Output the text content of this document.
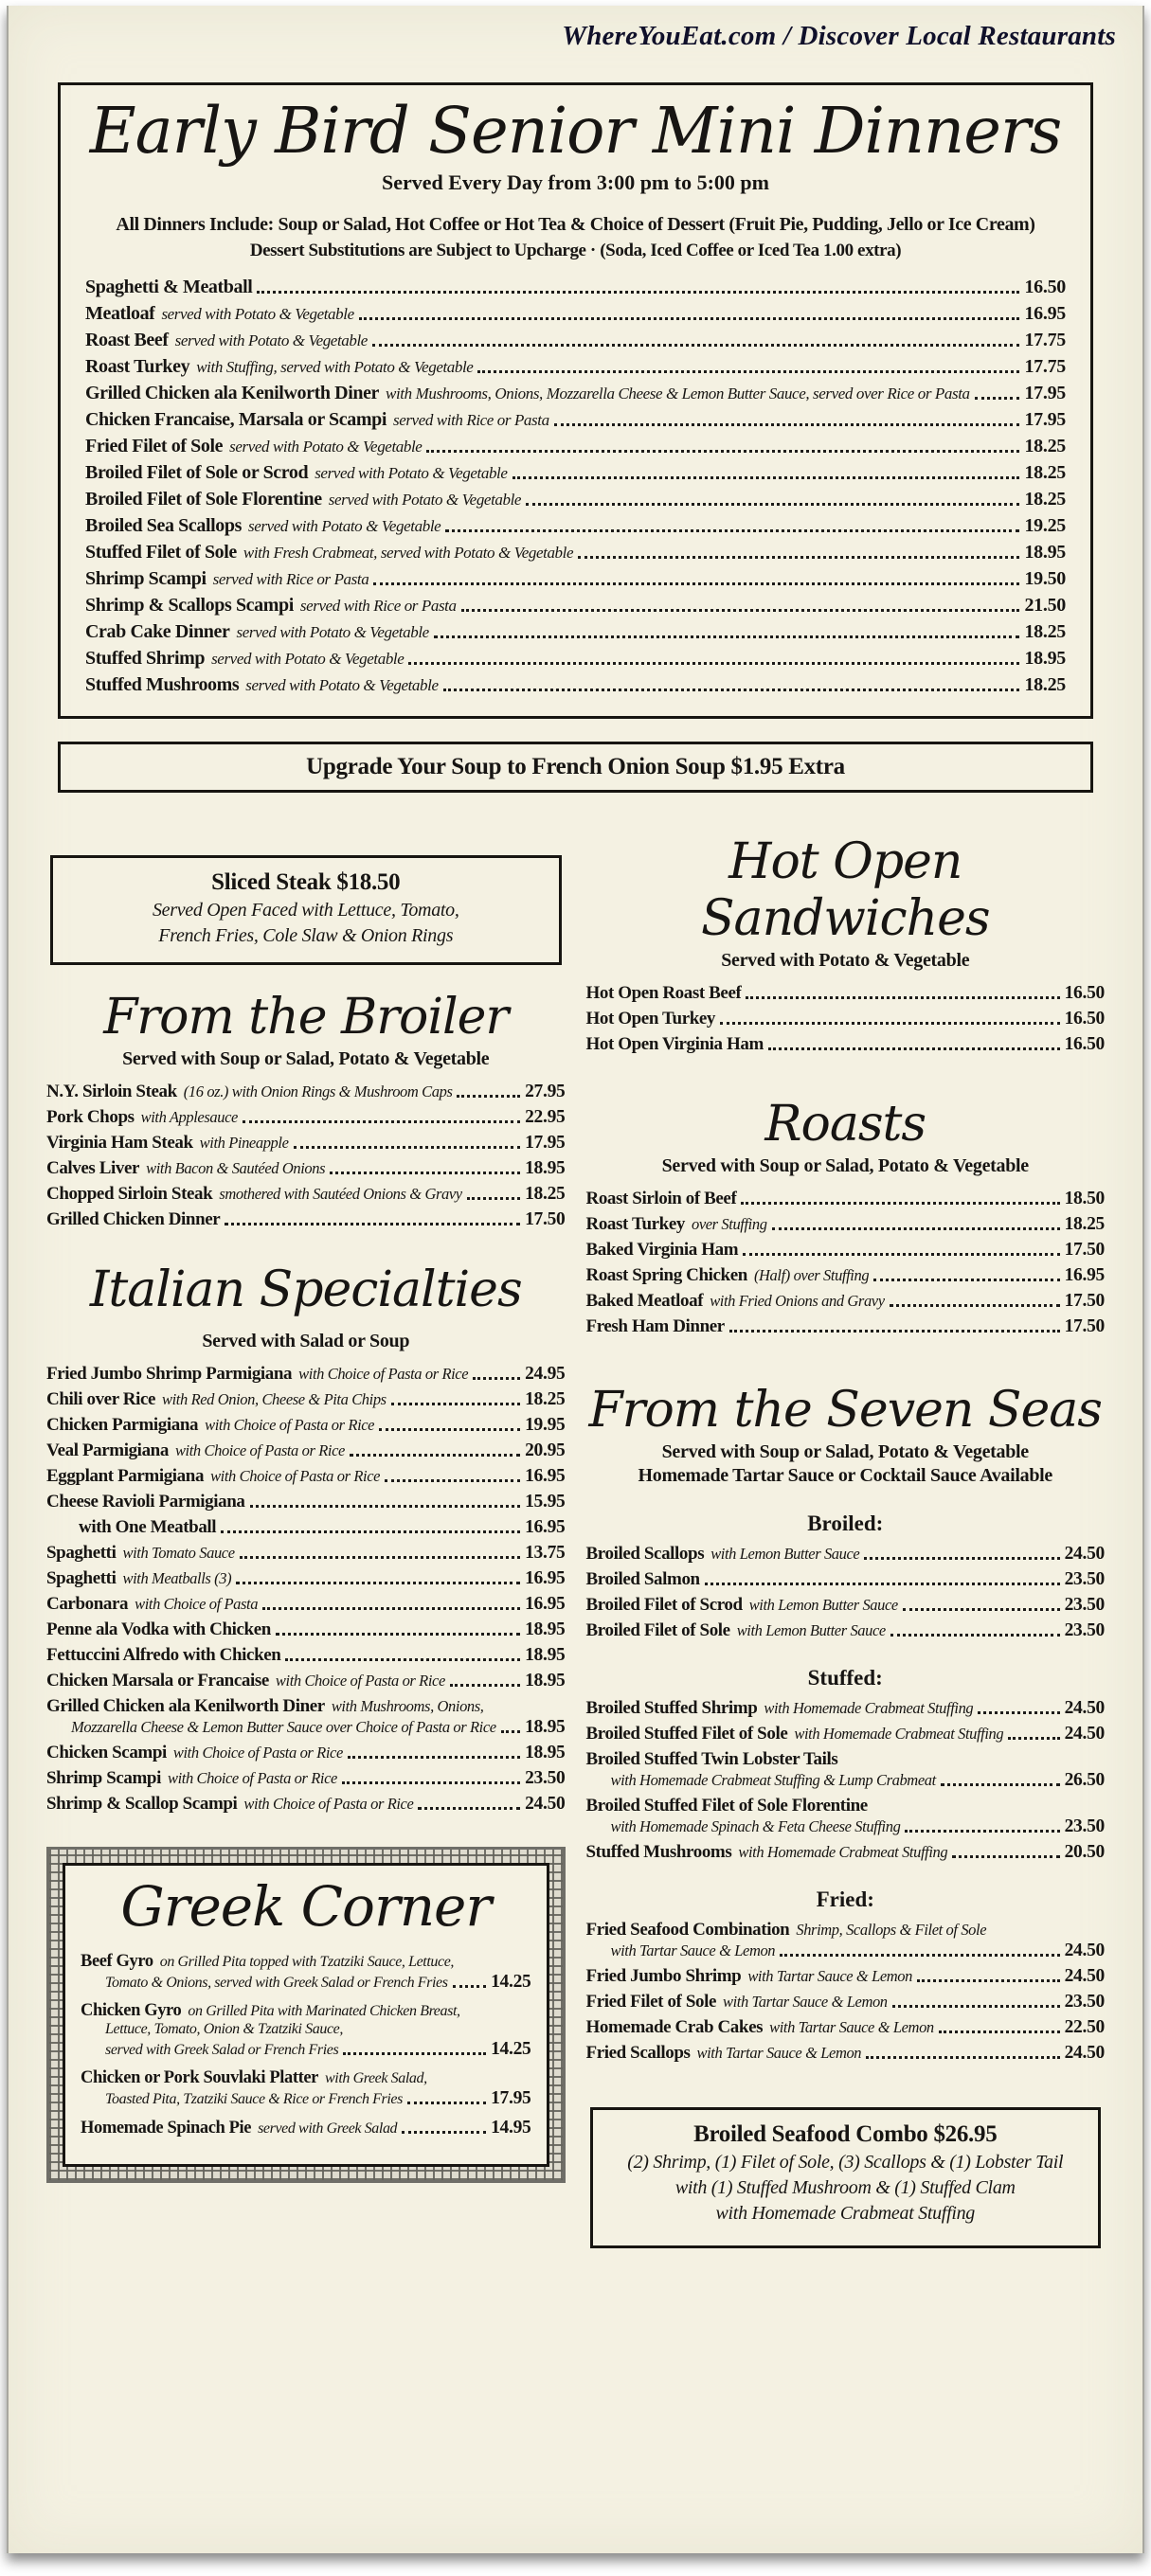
WhereYouEat.com / Discover Local Restaurants
Early Bird Senior Mini Dinners
Served Every Day from 3:00 pm to 5:00 pm
All Dinners Include: Soup or Salad, Hot Coffee or Hot Tea & Choice of Dessert (Fruit Pie, Pudding, Jello or Ice Cream)
Dessert Substitutions are Subject to Upcharge · (Soda, Iced Coffee or Iced Tea 1.00 extra)
Spaghetti & Meatball	16.50
Meatloaf served with Potato & Vegetable	16.95
Roast Beef served with Potato & Vegetable	17.75
Roast Turkey with Stuffing, served with Potato & Vegetable	17.75
Grilled Chicken ala Kenilworth Diner with Mushrooms, Onions, Mozzarella Cheese & Lemon Butter Sauce, served over Rice or Pasta	17.95
Chicken Francaise, Marsala or Scampi served with Rice or Pasta	17.95
Fried Filet of Sole served with Potato & Vegetable	18.25
Broiled Filet of Sole or Scrod served with Potato & Vegetable	18.25
Broiled Filet of Sole Florentine served with Potato & Vegetable	18.25
Broiled Sea Scallops served with Potato & Vegetable	19.25
Stuffed Filet of Sole with Fresh Crabmeat, served with Potato & Vegetable	18.95
Shrimp Scampi served with Rice or Pasta	19.50
Shrimp & Scallops Scampi served with Rice or Pasta	21.50
Crab Cake Dinner served with Potato & Vegetable	18.25
Stuffed Shrimp served with Potato & Vegetable	18.95
Stuffed Mushrooms served with Potato & Vegetable	18.25
Upgrade Your Soup to French Onion Soup $1.95 Extra
Sliced Steak $18.50
Served Open Faced with Lettuce, Tomato,
French Fries, Cole Slaw & Onion Rings
From the Broiler
Served with Soup or Salad, Potato & Vegetable
N.Y. Sirloin Steak (16 oz.) with Onion Rings & Mushroom Caps	27.95
Pork Chops with Applesauce	22.95
Virginia Ham Steak with Pineapple	17.95
Calves Liver with Bacon & Sautéed Onions	18.95
Chopped Sirloin Steak smothered with Sautéed Onions & Gravy	18.25
Grilled Chicken Dinner	17.50
Italian Specialties
Served with Salad or Soup
Fried Jumbo Shrimp Parmigiana with Choice of Pasta or Rice	24.95
Chili over Rice with Red Onion, Cheese & Pita Chips	18.25
Chicken Parmigiana with Choice of Pasta or Rice	19.95
Veal Parmigiana with Choice of Pasta or Rice	20.95
Eggplant Parmigiana with Choice of Pasta or Rice	16.95
Cheese Ravioli Parmigiana	15.95
with One Meatball	16.95
Spaghetti with Tomato Sauce	13.75
Spaghetti with Meatballs (3)	16.95
Carbonara with Choice of Pasta	16.95
Penne ala Vodka with Chicken	18.95
Fettuccini Alfredo with Chicken	18.95
Chicken Marsala or Francaise with Choice of Pasta or Rice	18.95
Grilled Chicken ala Kenilworth Diner with Mushrooms, Onions,
Mozzarella Cheese & Lemon Butter Sauce over Choice of Pasta or Rice 18.95
Chicken Scampi with Choice of Pasta or Rice	18.95
Shrimp Scampi with Choice of Pasta or Rice	23.50
Shrimp & Scallop Scampi with Choice of Pasta or Rice	24.50
Greek Corner
Beef Gyro on Grilled Pita topped with Tzatziki Sauce, Lettuce,
Tomato & Onions, served with Greek Salad or French Fries 14.25
Chicken Gyro on Grilled Pita with Marinated Chicken Breast,
Lettuce, Tomato, Onion & Tzatziki Sauce,
served with Greek Salad or French Fries	14.25
Chicken or Pork Souvlaki Platter with Greek Salad,
Toasted Pita, Tzatziki Sauce & Rice or French Fries	17.95
Homemade Spinach Pie served with Greek Salad	14.95
Hot Open Sandwiches
Served with Potato & Vegetable
Hot Open Roast Beef	16.50
Hot Open Turkey	16.50
Hot Open Virginia Ham	16.50
Roasts
Served with Soup or Salad, Potato & Vegetable
Roast Sirloin of Beef	18.50
Roast Turkey over Stuffing	18.25
Baked Virginia Ham	17.50
Roast Spring Chicken (Half) over Stuffing	16.95
Baked Meatloaf with Fried Onions and Gravy	17.50
Fresh Ham Dinner	17.50
From the Seven Seas
Served with Soup or Salad, Potato & Vegetable
Homemade Tartar Sauce or Cocktail Sauce Available
Broiled:
Broiled Scallops with Lemon Butter Sauce	24.50
Broiled Salmon	23.50
Broiled Filet of Scrod with Lemon Butter Sauce	23.50
Broiled Filet of Sole with Lemon Butter Sauce	23.50
Stuffed:
Broiled Stuffed Shrimp with Homemade Crabmeat Stuffing	24.50
Broiled Stuffed Filet of Sole with Homemade Crabmeat Stuffing	24.50
Broiled Stuffed Twin Lobster Tails
with Homemade Crabmeat Stuffing & Lump Crabmeat	26.50
Broiled Stuffed Filet of Sole Florentine
with Homemade Spinach & Feta Cheese Stuffing	23.50
Stuffed Mushrooms with Homemade Crabmeat Stuffing	20.50
Fried:
Fried Seafood Combination Shrimp, Scallops & Filet of Sole
with Tartar Sauce & Lemon	24.50
Fried Jumbo Shrimp with Tartar Sauce & Lemon	24.50
Fried Filet of Sole with Tartar Sauce & Lemon	23.50
Homemade Crab Cakes with Tartar Sauce & Lemon	22.50
Fried Scallops with Tartar Sauce & Lemon	24.50
Broiled Seafood Combo $26.95
(2) Shrimp, (1) Filet of Sole, (3) Scallops & (1) Lobster Tail
with (1) Stuffed Mushroom & (1) Stuffed Clam
with Homemade Crabmeat Stuffing
